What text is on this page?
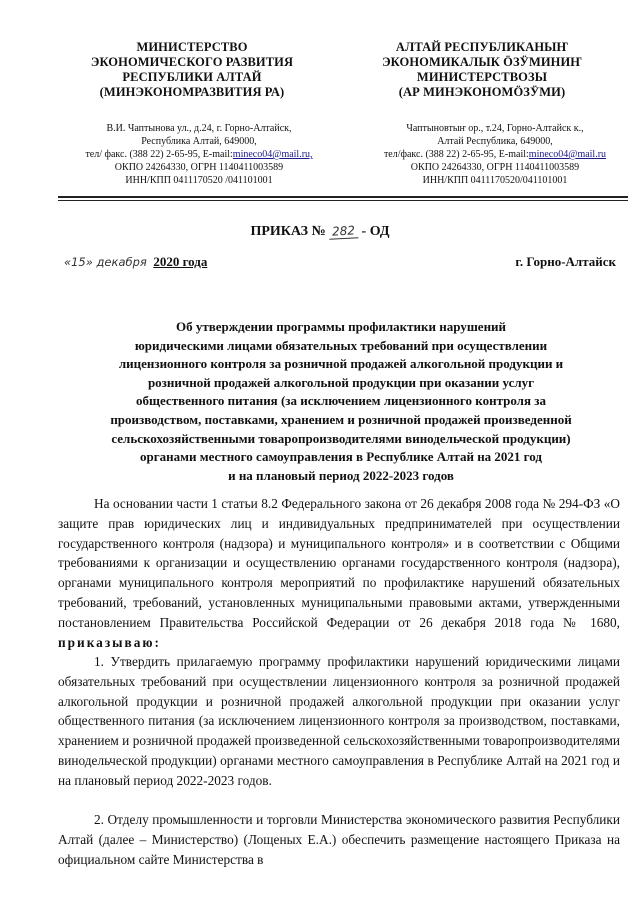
МИНИСТЕРСТВО
ЭКОНОМИЧЕСКОГО РАЗВИТИЯ
РЕСПУБЛИКИ АЛТАЙ
(МИНЭКОНОМРАЗВИТИЯ РА)
АЛТАЙ РЕСПУБЛИКАНЫҤ
ЭКОНОМИКАЛЫК ӦЗӰМИНИҤ
МИНИСТЕРСТВОЗЫ
(АР МИНЭКОНОМӦЗӰМИ)
В.И. Чаптынова ул., д.24, г. Горно-Алтайск,
Республика Алтай, 649000,
тел/ факс. (388 22) 2-65-95, E-mail:mineco04@mail.ru,
ОКПО 24264330, ОГРН 1140411003589
ИНН/КПП 0411170520 /041101001
Чаптыновтыҥ ор., т.24, Горно-Алтайск к.,
Алтай Республика, 649000,
тел/факс. (388 22) 2-65-95, E-mail:mineco04@mail.ru
ОКПО 24264330, ОГРН 1140411003589
ИНН/КПП 0411170520/041101001
ПРИКАЗ № 282 - ОД
«15» декабря 2020 года	г. Горно-Алтайск
Об утверждении программы профилактики нарушений
юридическими лицами обязательных требований при осуществлении
лицензионного контроля за розничной продажей алкогольной продукции и
розничной продажей алкогольной продукции при оказании услуг
общественного питания (за исключением лицензионного контроля за
производством, поставками, хранением и розничной продажей произведенной
сельскохозяйственными товаропроизводителями винодельческой продукции)
органами местного самоуправления в Республике Алтай на 2021 год
и на плановый период 2022-2023 годов
На основании части 1 статьи 8.2 Федерального закона от 26 декабря 2008 года № 294-ФЗ «О защите прав юридических лиц и индивидуальных предпринимателей при осуществлении государственного контроля (надзора) и муниципального контроля» и в соответствии с Общими требованиями к организации и осуществлению органами государственного контроля (надзора), органами муниципального контроля мероприятий по профилактике нарушений обязательных требований, требований, установленных муниципальными правовыми актами, утвержденными постановлением Правительства Российской Федерации от 26 декабря 2018 года № 1680, приказываю:
1. Утвердить прилагаемую программу профилактики нарушений юридическими лицами обязательных требований при осуществлении лицензионного контроля за розничной продажей алкогольной продукции и розничной продажей алкогольной продукции при оказании услуг общественного питания (за исключением лицензионного контроля за производством, поставками, хранением и розничной продажей произведенной сельскохозяйственными товаропроизводителями винодельческой продукции) органами местного самоуправления в Республике Алтай на 2021 год и на плановый период 2022-2023 годов.
2. Отделу промышленности и торговли Министерства экономического развития Республики Алтай (далее – Министерство) (Лощеных Е.А.) обеспечить размещение настоящего Приказа на официальном сайте Министерства в
